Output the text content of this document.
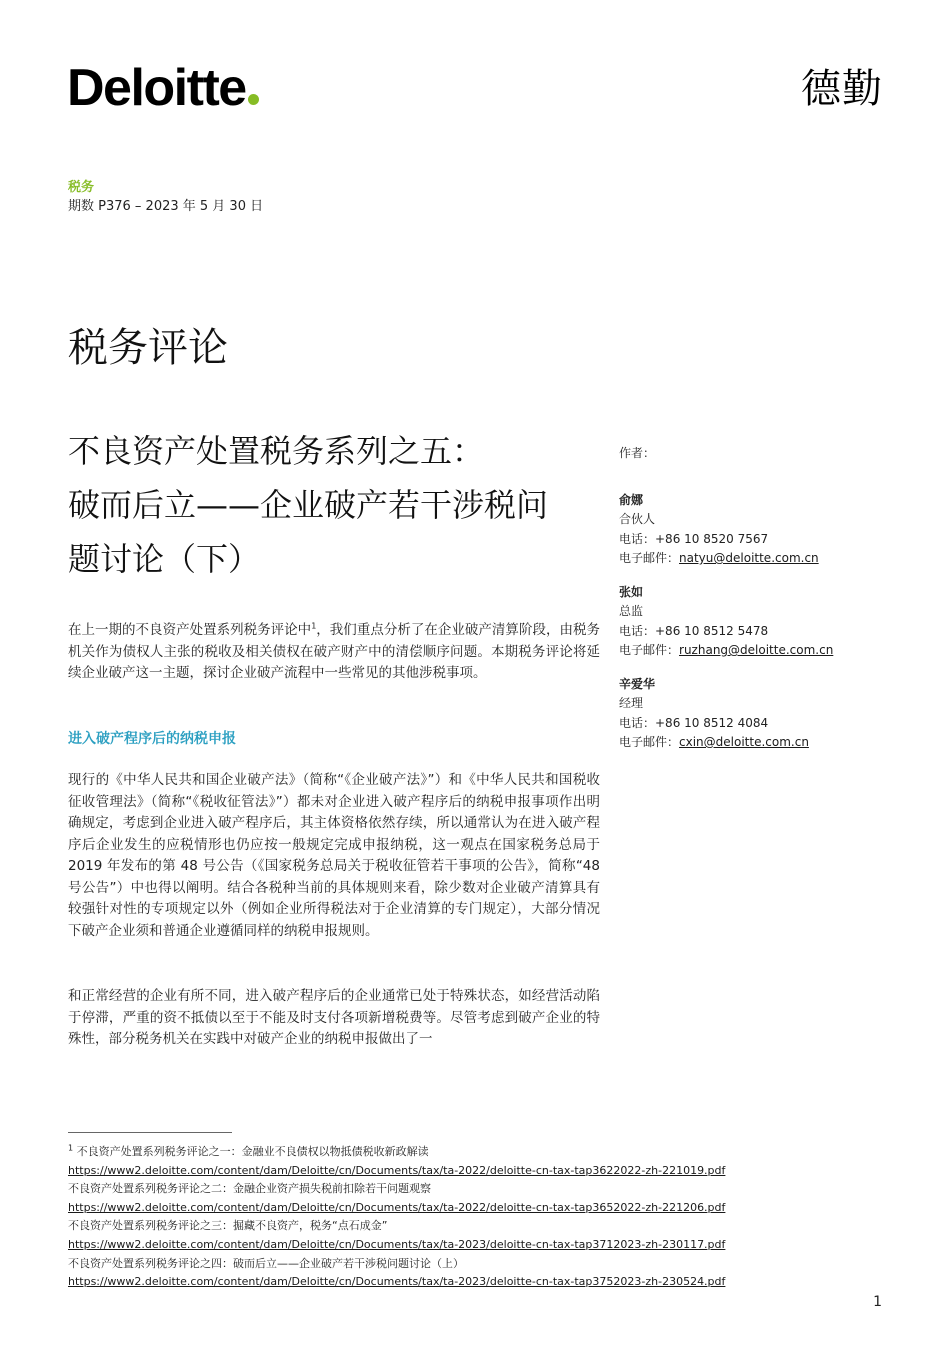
Deloitte	德勤
税务
期数 P376 – 2023 年 5 月 30 日
税务评论
不良资产处置税务系列之五：
破而后立——企业破产若干涉税问
题讨论（下）
作者：
俞娜
合伙人
电话：+86 10 8520 7567
电子邮件：natyu@deloitte.com.cn
张如
总监
电话：+86 10 8512 5478
电子邮件：ruzhang@deloitte.com.cn
辛爱华
经理
电话：+86 10 8512 4084
电子邮件：cxin@deloitte.com.cn
在上一期的不良资产处置系列税务评论中$^1$，我们重点分析了在企业破产清算阶段，由税务机关作为债权人主张的税收及相关债权在破产财产中的清偿顺序问题。本期税务评论将延续企业破产这一主题，探讨企业破产流程中一些常见的其他涉税事项。
进入破产程序后的纳税申报
现行的《中华人民共和国企业破产法》（简称“《企业破产法》”）和《中华人民共和国税收征收管理法》（简称“《税收征管法》”）都未对企业进入破产程序后的纳税申报事项作出明确规定，考虑到企业进入破产程序后，其主体资格依然存续，所以通常认为在进入破产程序后企业发生的应税情形也仍应按一般规定完成申报纳税，这一观点在国家税务总局于 2019 年发布的第 48 号公告（《国家税务总局关于税收征管若干事项的公告》，简称“48 号公告”）中也得以阐明。结合各税种当前的具体规则来看，除少数对企业破产清算具有较强针对性的专项规定以外（例如企业所得税法对于企业清算的专门规定），大部分情况下破产企业须和普通企业遵循同样的纳税申报规则。
和正常经营的企业有所不同，进入破产程序后的企业通常已处于特殊状态，如经营活动陷于停滞，严重的资不抵债以至于不能及时支付各项新增税费等。尽管考虑到破产企业的特殊性，部分税务机关在实践中对破产企业的纳税申报做出了一
$^1$ 不良资产处置系列税务评论之一：金融业不良债权以物抵债税收新政解读
https://www2.deloitte.com/content/dam/Deloitte/cn/Documents/tax/ta-2022/deloitte-cn-tax-tap3622022-zh-221019.pdf
不良资产处置系列税务评论之二：金融企业资产损失税前扣除若干问题观察
https://www2.deloitte.com/content/dam/Deloitte/cn/Documents/tax/ta-2022/deloitte-cn-tax-tap3652022-zh-221206.pdf
不良资产处置系列税务评论之三：掘藏不良资产，税务“点石成金”
https://www2.deloitte.com/content/dam/Deloitte/cn/Documents/tax/ta-2023/deloitte-cn-tax-tap3712023-zh-230117.pdf
不良资产处置系列税务评论之四：破而后立——企业破产若干涉税问题讨论（上）
https://www2.deloitte.com/content/dam/Deloitte/cn/Documents/tax/ta-2023/deloitte-cn-tax-tap3752023-zh-230524.pdf
1
